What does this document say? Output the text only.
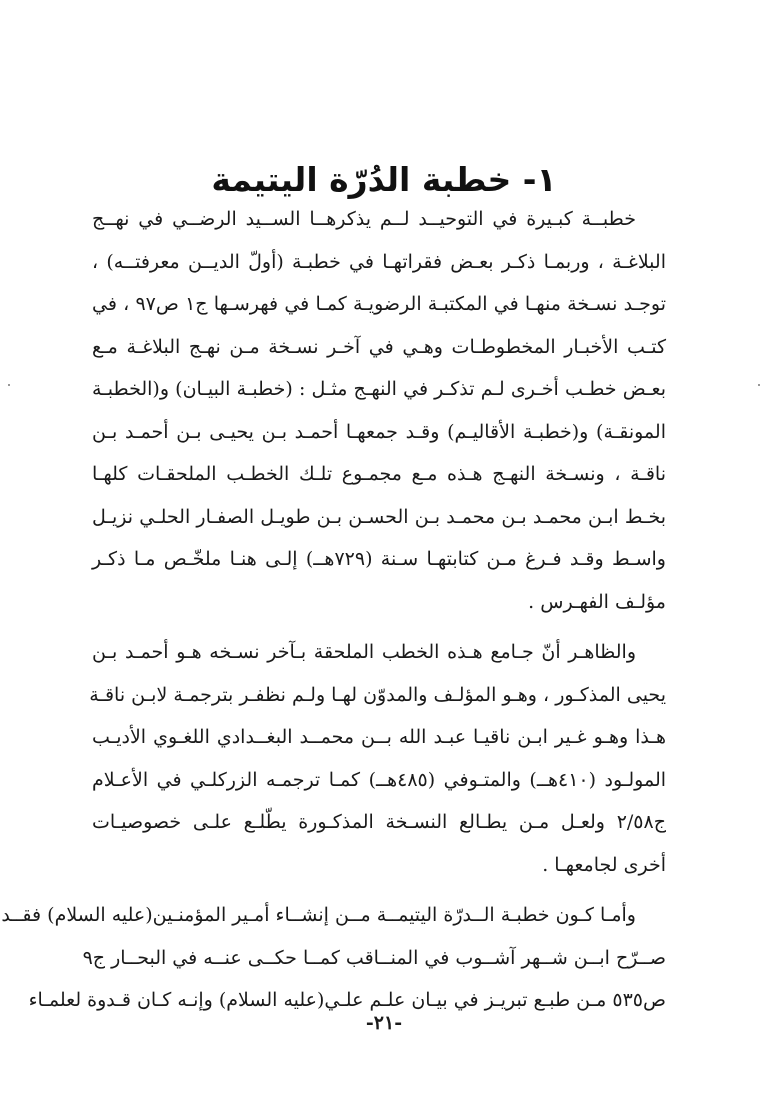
١- خطبة الدُرّة اليتيمة

خطبــة كبـيرة في التوحيــد لــم يذكرهــا الســيد الرضــي في نهــج
البلاغـة ، وربمـا ذكـر بعـض فقراتهـا في خطبـة (أولّ الديــن معرفتــه) ،
توجـد نسـخة منهـا في المكتبـة الرضويـة كمـا في فهرسـها ج١ ص٩٧ ، في
كتـب الأخبـار المخطوطـات وهـي في آخـر نسـخة مـن نهـج البلاغـة مـع
بعـض خطـب أخـرى لـم تذكـر في النهـج مثـل : (خطبـة البيـان) و(الخطبـة
المونقـة) و(خطبـة الأقاليـم) وقـد جمعهـا أحمـد بـن يحيـى بـن أحمـد بـن
ناقـة ، ونسـخة النهـج هـذه مـع مجمـوع تلـك الخطـب الملحقـات كلهـا
بخـط ابـن محمـد بـن محمـد بـن الحسـن بـن طويـل الصفـار الحلـي نزيـل
واسـط وقـد فـرغ مـن كتابتهـا سـنة (٧٢٩هــ) إلـى هنـا ملخّـص مـا ذكـر
مؤلـف الفهـرس .

والظاهـر أنّ جـامع هـذه الخطب الملحقة بـآخر نسـخه هـو أحمـد بـن
يحيى المذكـور ، وهـو المؤلـف والمدوّن لهـا ولـم نظفـر بترجمـة لابـن ناقـة
هـذا وهـو غـير ابـن ناقيـا عبـد الله بــن محمــد البغــدادي اللغـوي الأديـب
المولـود (٤١٠هــ) والمتـوفي (٤٨٥هــ) كمـا ترجمـه الزركلـي في الأعـلام
ج٢/٥٨ ولعـل مـن يطـالع النسـخة المذكـورة يطّلـع علـى خصوصيـات
أخرى لجامعهـا .

وأمـا كـون خطبـة الــدرّة اليتيمــة مــن إنشــاء أمـير المؤمنـين(عليه السلام) فقــد
صــرّح ابــن شــهر آشــوب في المنــاقب كمــا حكــى عنــه في البحــار ج٩
ص٥٣٥ مـن طبـع تبريـز في بيـان علـم علـي(عليه السلام) وإنـه كـان قـدوة لعلمـاء

-٢١-
